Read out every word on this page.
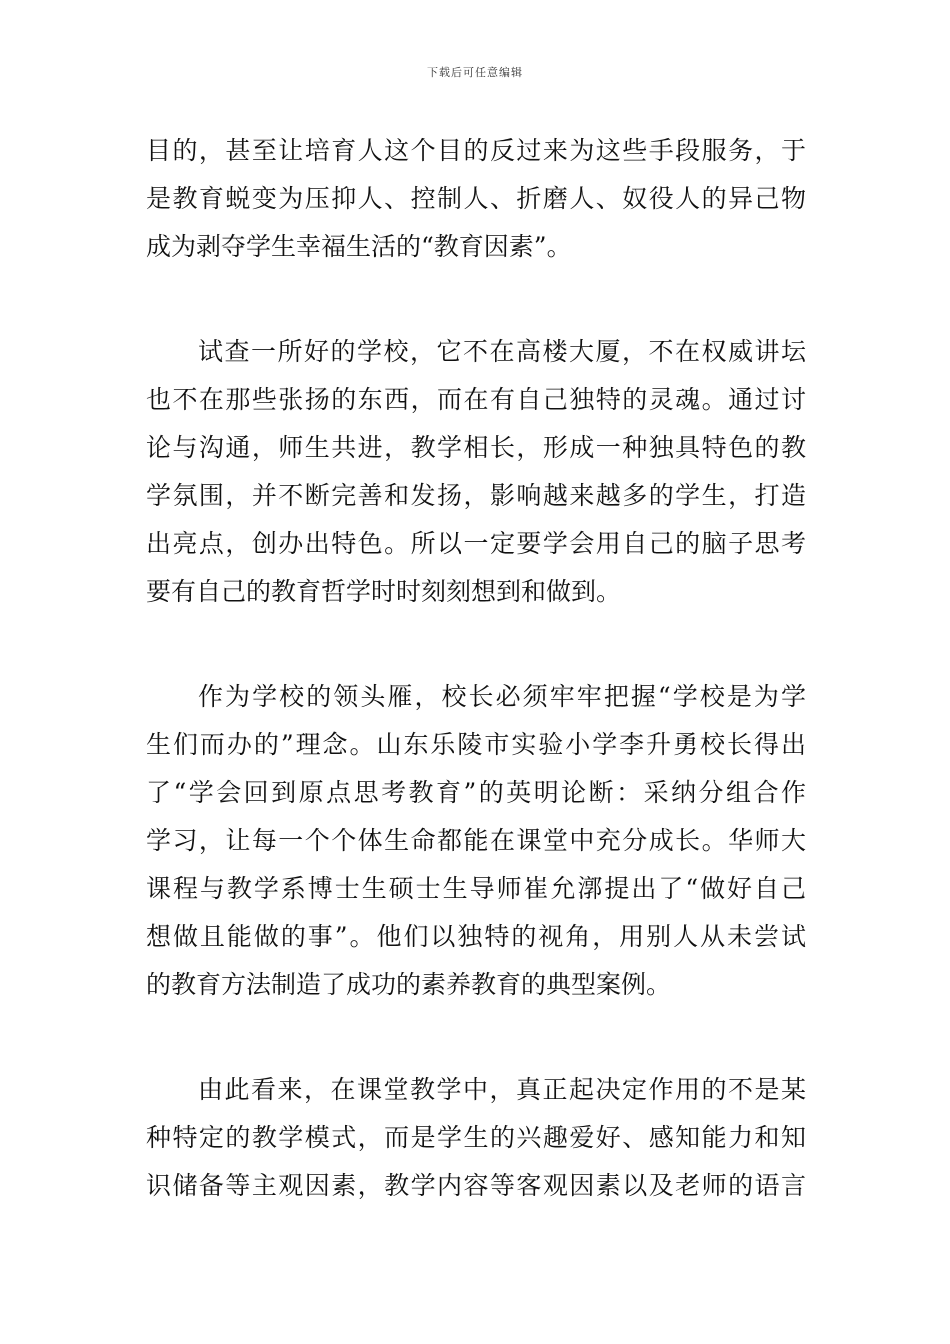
下载后可任意编辑
目的，甚至让培育人这个目的反过来为这些手段服务，于
是教育蜕变为压抑人、控制人、折磨人、奴役人的异己物
成为剥夺学生幸福生活的“教育因素”。
试查一所好的学校，它不在高楼大厦，不在权威讲坛
也不在那些张扬的东西，而在有自己独特的灵魂。通过讨
论与沟通，师生共进，教学相长，形成一种独具特色的教
学氛围，并不断完善和发扬，影响越来越多的学生，打造
出亮点，创办出特色。所以一定要学会用自己的脑子思考
要有自己的教育哲学时时刻刻想到和做到。
作为学校的领头雁，校长必须牢牢把握“学校是为学
生们而办的”理念。山东乐陵市实验小学李升勇校长得出
了“学会回到原点思考教育”的英明论断：采纳分组合作
学习，让每一个个体生命都能在课堂中充分成长。华师大
课程与教学系博士生硕士生导师崔允漷提出了“做好自己
想做且能做的事”。他们以独特的视角，用别人从未尝试
的教育方法制造了成功的素养教育的典型案例。
由此看来，在课堂教学中，真正起决定作用的不是某
种特定的教学模式，而是学生的兴趣爱好、感知能力和知
识储备等主观因素，教学内容等客观因素以及老师的语言
